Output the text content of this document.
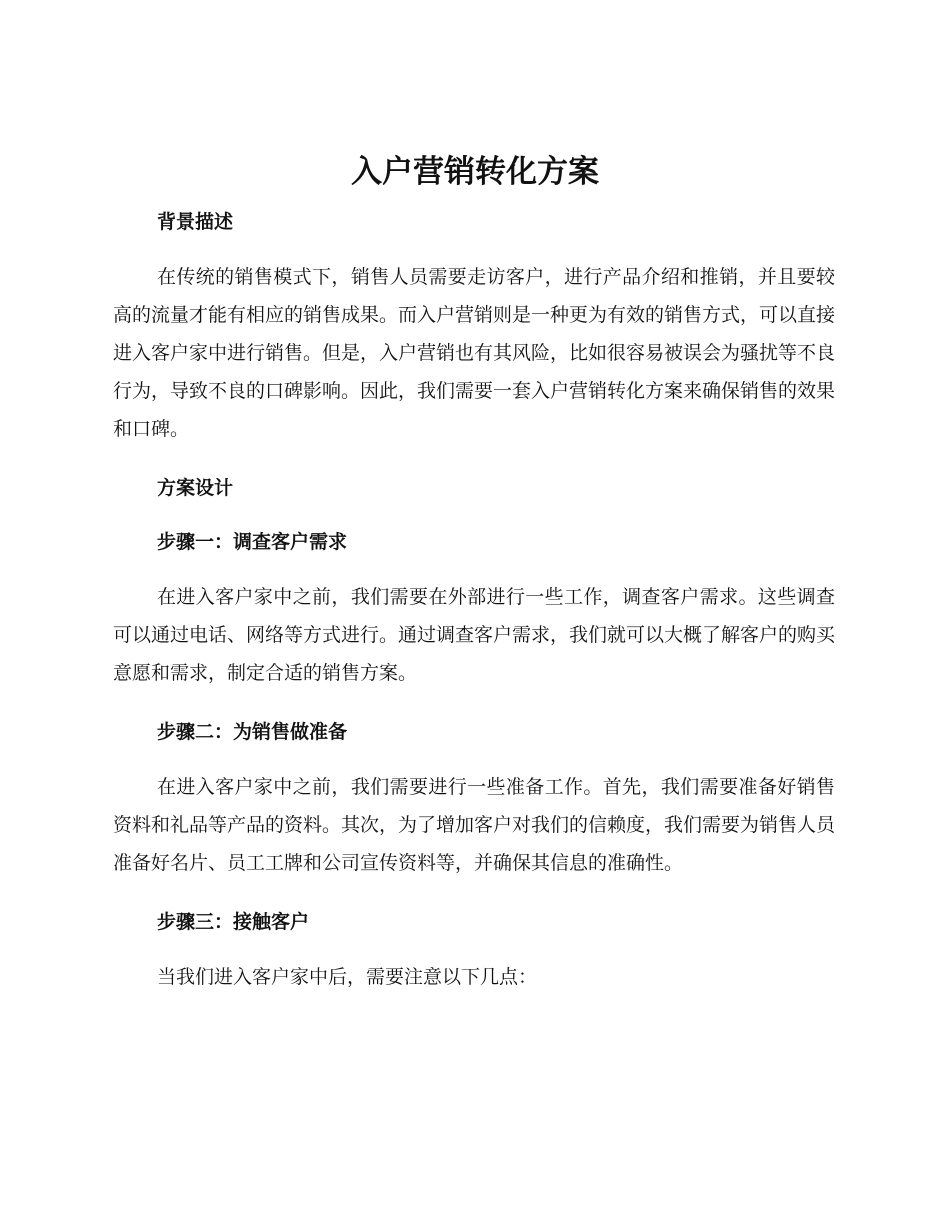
入户营销转化方案

背景描述

在传统的销售模式下，销售人员需要走访客户，进行产品介绍和推销，并且要较高的流量才能有相应的销售成果。而入户营销则是一种更为有效的销售方式，可以直接进入客户家中进行销售。但是，入户营销也有其风险，比如很容易被误会为骚扰等不良行为，导致不良的口碑影响。因此，我们需要一套入户营销转化方案来确保销售的效果和口碑。

方案设计

步骤一：调查客户需求

在进入客户家中之前，我们需要在外部进行一些工作，调查客户需求。这些调查可以通过电话、网络等方式进行。通过调查客户需求，我们就可以大概了解客户的购买意愿和需求，制定合适的销售方案。

步骤二：为销售做准备

在进入客户家中之前，我们需要进行一些准备工作。首先，我们需要准备好销售资料和礼品等产品的资料。其次，为了增加客户对我们的信赖度，我们需要为销售人员准备好名片、员工工牌和公司宣传资料等，并确保其信息的准确性。

步骤三：接触客户

当我们进入客户家中后，需要注意以下几点：
